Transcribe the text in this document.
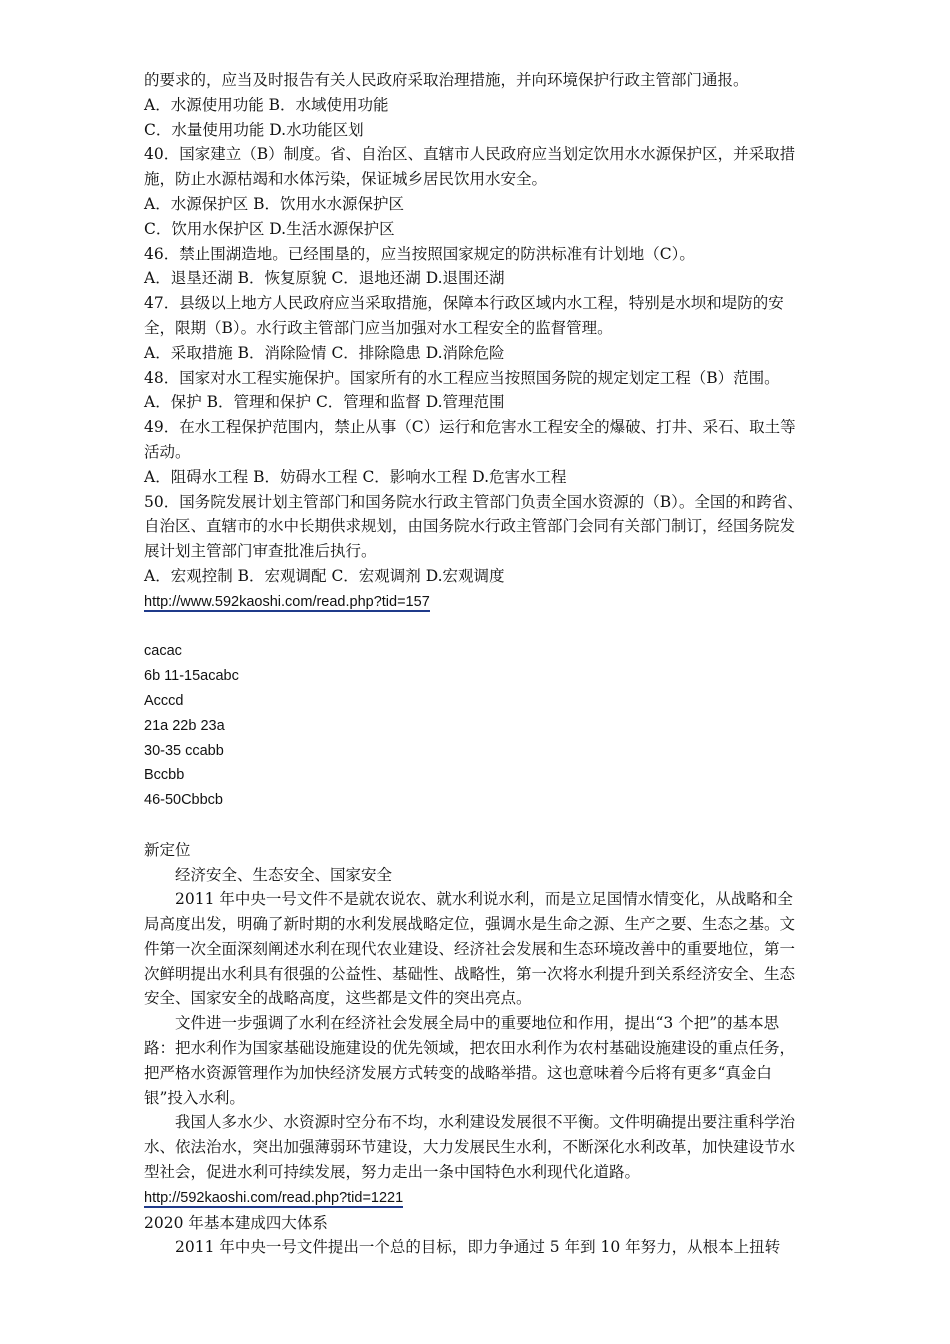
的要求的，应当及时报告有关人民政府采取治理措施，并向环境保护行政主管部门通报。

A．水源使用功能 B．水域使用功能

C．水量使用功能 D.水功能区划

40．国家建立（B）制度。省、自治区、直辖市人民政府应当划定饮用水水源保护区，并采取措施，防止水源枯竭和水体污染，保证城乡居民饮用水安全。

A．水源保护区 B．饮用水水源保护区

C．饮用水保护区 D.生活水源保护区

46．禁止围湖造地。已经围垦的，应当按照国家规定的防洪标准有计划地（C）。

A．退垦还湖 B．恢复原貌 C．退地还湖 D.退围还湖

47．县级以上地方人民政府应当采取措施，保障本行政区域内水工程，特别是水坝和堤防的安全，限期（B）。水行政主管部门应当加强对水工程安全的监督管理。

A．采取措施 B．消除险情 C．排除隐患 D.消除危险

48．国家对水工程实施保护。国家所有的水工程应当按照国务院的规定划定工程（B）范围。

A．保护 B．管理和保护 C．管理和监督 D.管理范围

49．在水工程保护范围内，禁止从事（C）运行和危害水工程安全的爆破、打井、采石、取土等活动。

A．阻碍水工程 B．妨碍水工程 C．影响水工程 D.危害水工程

50．国务院发展计划主管部门和国务院水行政主管部门负责全国水资源的（B）。全国的和跨省、自治区、直辖市的水中长期供求规划，由国务院水行政主管部门会同有关部门制订，经国务院发展计划主管部门审查批准后执行。

A．宏观控制 B．宏观调配 C．宏观调剂 D.宏观调度

http://www.592kaoshi.com/read.php?tid=157

cacac

6b 11-15acabc

Acccd

21a 22b 23a

30-35 ccabb

Bccbb

46-50Cbbcb

新定位

经济安全、生态安全、国家安全

2011 年中央一号文件不是就农说农、就水利说水利，而是立足国情水情变化，从战略和全局高度出发，明确了新时期的水利发展战略定位，强调水是生命之源、生产之要、生态之基。文件第一次全面深刻阐述水利在现代农业建设、经济社会发展和生态环境改善中的重要地位，第一次鲜明提出水利具有很强的公益性、基础性、战略性，第一次将水利提升到关系经济安全、生态安全、国家安全的战略高度，这些都是文件的突出亮点。

文件进一步强调了水利在经济社会发展全局中的重要地位和作用，提出“3 个把”的基本思路：把水利作为国家基础设施建设的优先领域，把农田水利作为农村基础设施建设的重点任务，把严格水资源管理作为加快经济发展方式转变的战略举措。这也意味着今后将有更多“真金白银”投入水利。

我国人多水少、水资源时空分布不均，水利建设发展很不平衡。文件明确提出要注重科学治水、依法治水，突出加强薄弱环节建设，大力发展民生水利，不断深化水利改革，加快建设节水型社会，促进水利可持续发展，努力走出一条中国特色水利现代化道路。

http://592kaoshi.com/read.php?tid=1221

2020 年基本建成四大体系

2011 年中央一号文件提出一个总的目标，即力争通过 5 年到 10 年努力，从根本上扭转
